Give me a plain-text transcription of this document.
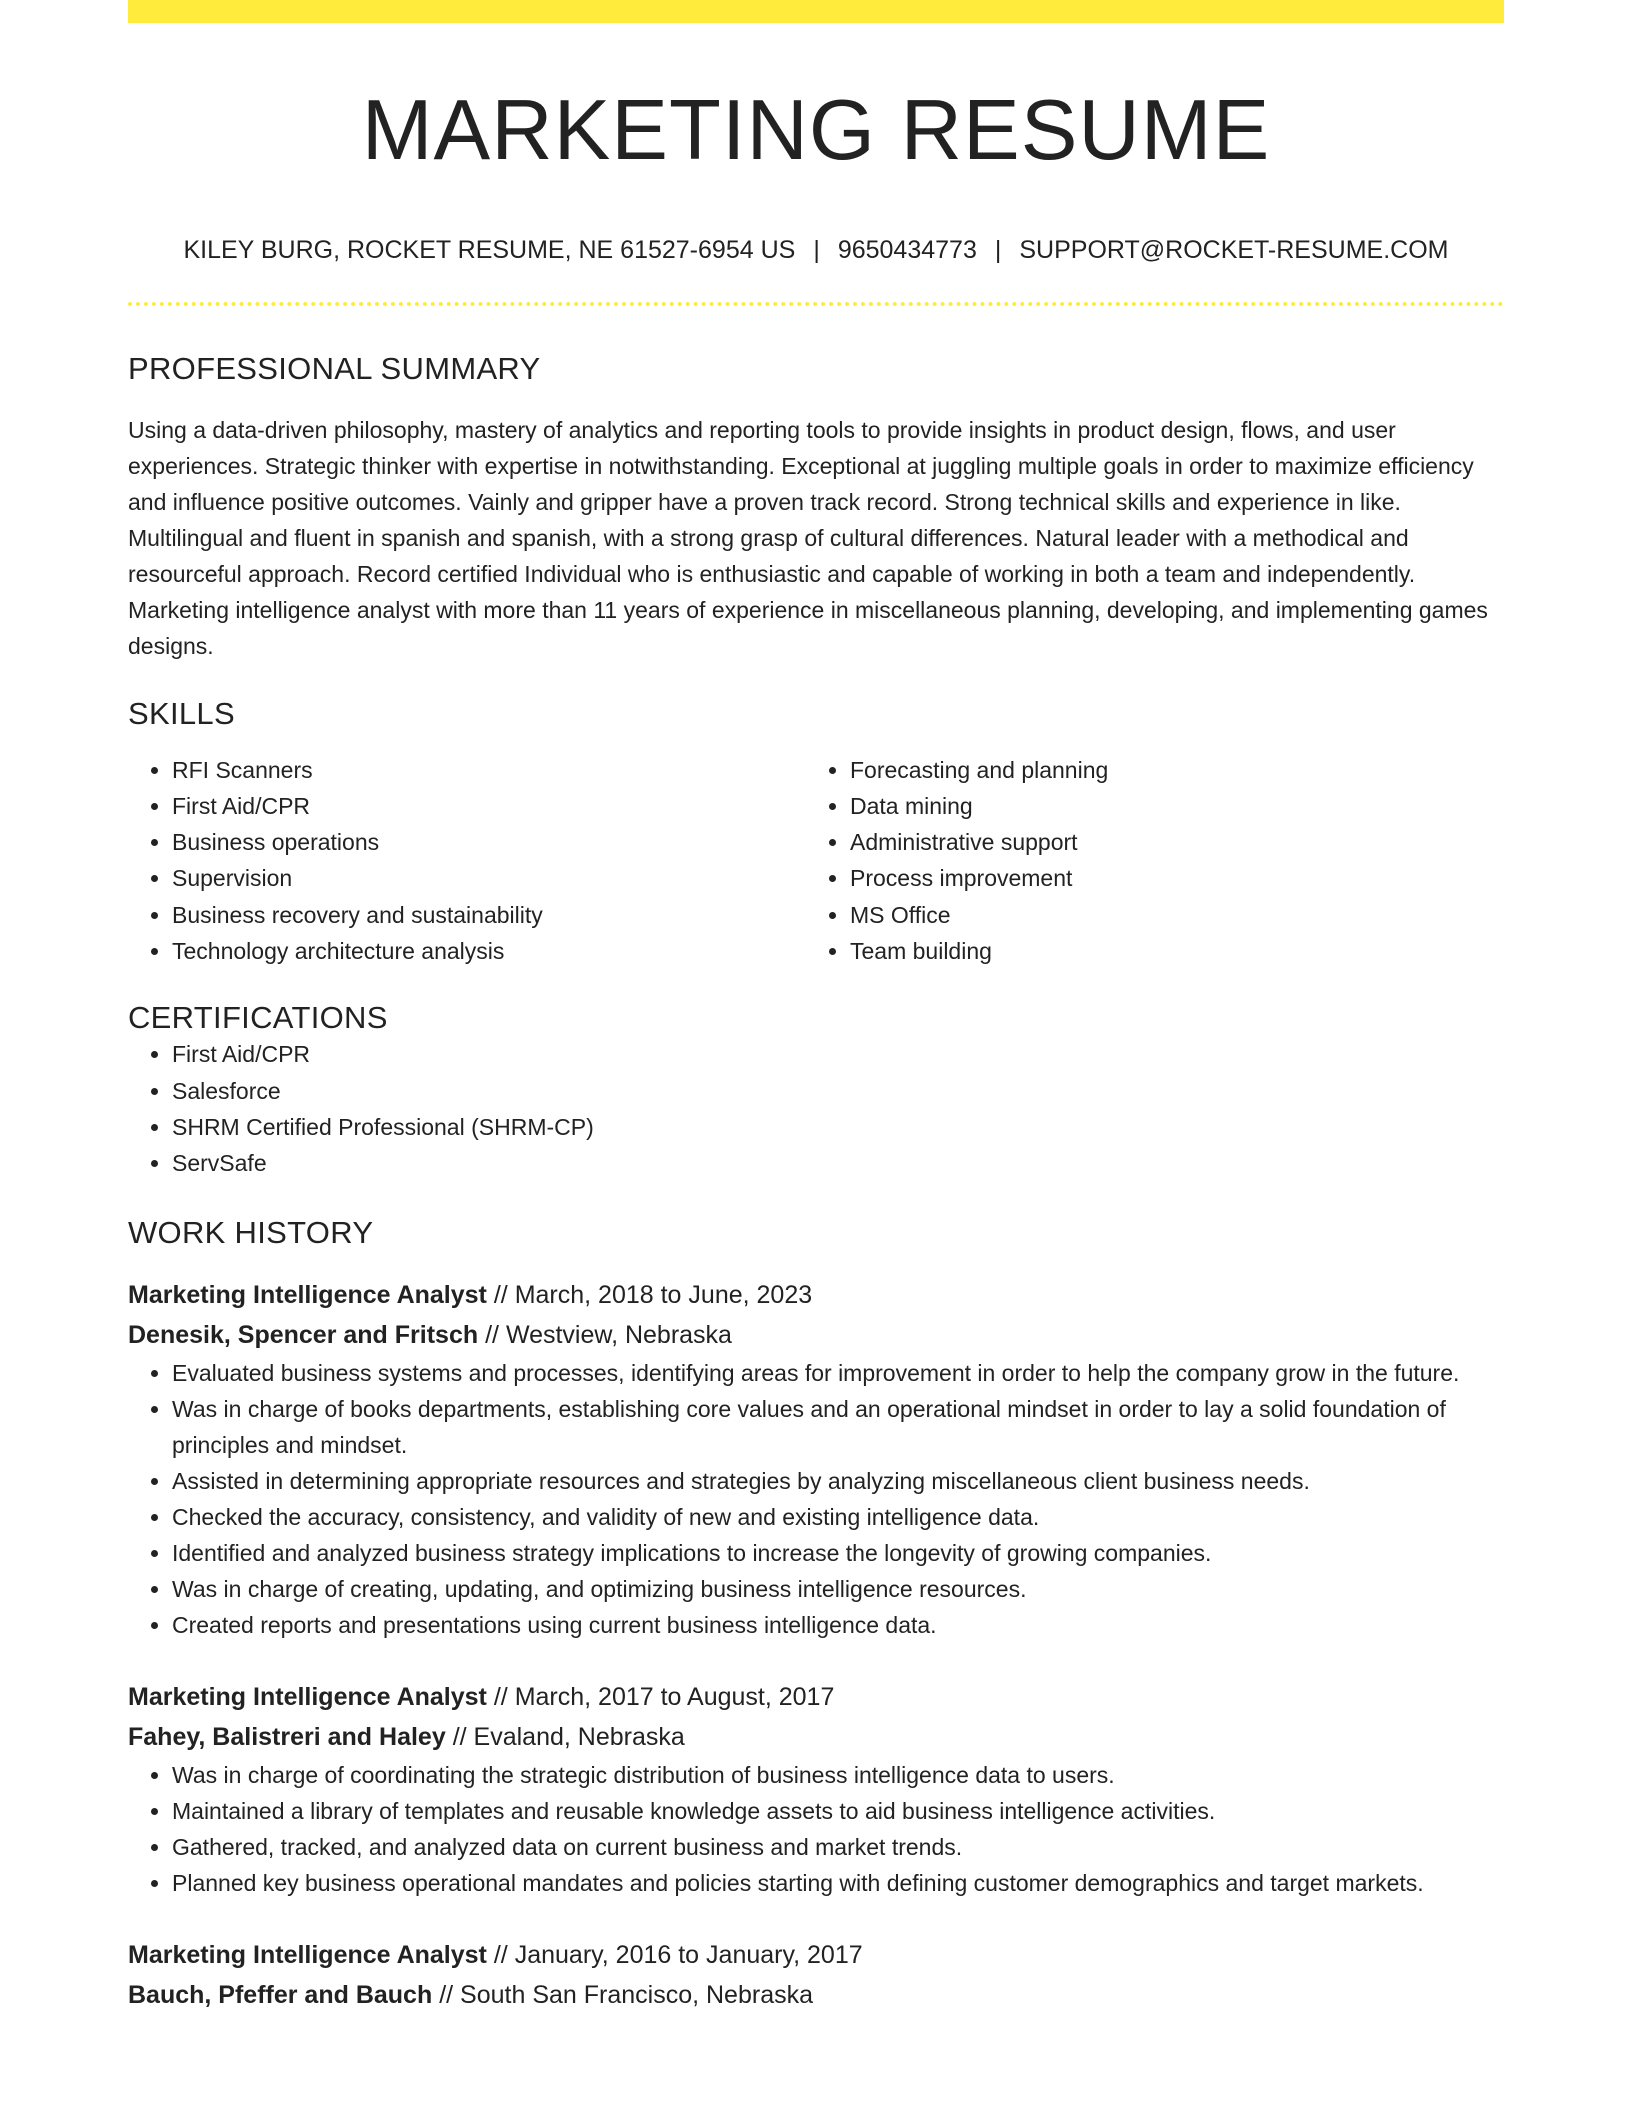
MARKETING RESUME
KILEY BURG, ROCKET RESUME, NE 61527-6954 US | 9650434773 | SUPPORT@ROCKET-RESUME.COM
PROFESSIONAL SUMMARY

Using a data-driven philosophy, mastery of analytics and reporting tools to provide insights in product design, flows, and user experiences. Strategic thinker with expertise in notwithstanding. Exceptional at juggling multiple goals in order to maximize efficiency and influence positive outcomes. Vainly and gripper have a proven track record. Strong technical skills and experience in like. Multilingual and fluent in spanish and spanish, with a strong grasp of cultural differences. Natural leader with a methodical and resourceful approach. Record certified Individual who is enthusiastic and capable of working in both a team and independently. Marketing intelligence analyst with more than 11 years of experience in miscellaneous planning, developing, and implementing games designs.

SKILLS
• RFI Scanners
• First Aid/CPR
• Business operations
• Supervision
• Business recovery and sustainability
• Technology architecture analysis
• Forecasting and planning
• Data mining
• Administrative support
• Process improvement
• MS Office
• Team building
CERTIFICATIONS
• First Aid/CPR
• Salesforce
• SHRM Certified Professional (SHRM-CP)
• ServSafe
WORK HISTORY
Marketing Intelligence Analyst // March, 2018 to June, 2023
Denesik, Spencer and Fritsch // Westview, Nebraska
• Evaluated business systems and processes, identifying areas for improvement in order to help the company grow in the future.
• Was in charge of books departments, establishing core values and an operational mindset in order to lay a solid foundation of principles and mindset.
• Assisted in determining appropriate resources and strategies by analyzing miscellaneous client business needs.
• Checked the accuracy, consistency, and validity of new and existing intelligence data.
• Identified and analyzed business strategy implications to increase the longevity of growing companies.
• Was in charge of creating, updating, and optimizing business intelligence resources.
• Created reports and presentations using current business intelligence data.
Marketing Intelligence Analyst // March, 2017 to August, 2017
Fahey, Balistreri and Haley // Evaland, Nebraska
• Was in charge of coordinating the strategic distribution of business intelligence data to users.
• Maintained a library of templates and reusable knowledge assets to aid business intelligence activities.
• Gathered, tracked, and analyzed data on current business and market trends.
• Planned key business operational mandates and policies starting with defining customer demographics and target markets.
Marketing Intelligence Analyst // January, 2016 to January, 2017
Bauch, Pfeffer and Bauch // South San Francisco, Nebraska
